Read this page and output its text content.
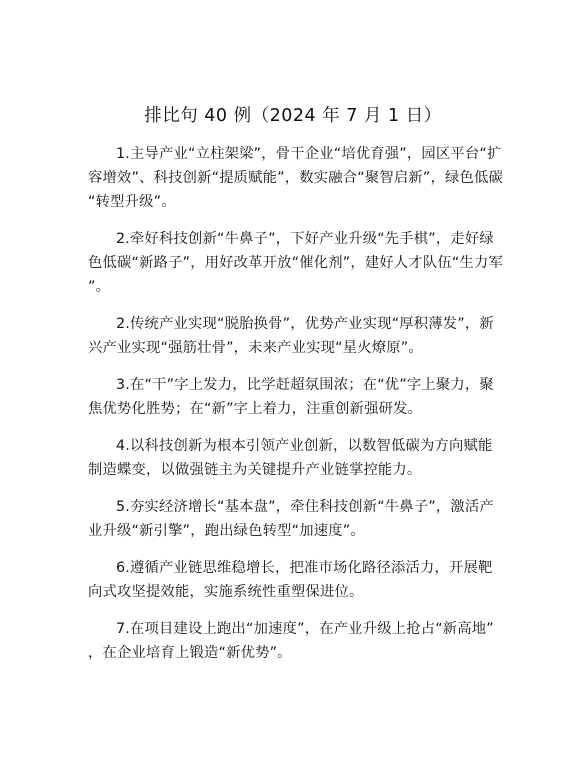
排比句 40 例（2024 年 7 月 1 日）

1.主导产业“立柱架梁”，骨干企业“培优育强”，园区平台“扩容增效”、科技创新“提质赋能”，数实融合“聚智启新”，绿色低碳“转型升级”。

2.牵好科技创新“牛鼻子”，下好产业升级“先手棋”，走好绿色低碳“新路子”，用好改革开放“催化剂”，建好人才队伍“生力军”。

2.传统产业实现“脱胎换骨”，优势产业实现“厚积薄发”，新兴产业实现“强筋壮骨”，未来产业实现“星火燎原”。

3.在“干”字上发力，比学赶超氛围浓；在“优”字上聚力，聚焦优势化胜势；在“新”字上着力，注重创新强研发。

4.以科技创新为根本引领产业创新，以数智低碳为方向赋能制造蝶变，以做强链主为关键提升产业链掌控能力。

5.夯实经济增长“基本盘”，牵住科技创新“牛鼻子”，激活产业升级“新引擎”，跑出绿色转型“加速度”。

6.遵循产业链思维稳增长，把准市场化路径添活力，开展靶向式攻坚提效能，实施系统性重塑保进位。

7.在项目建设上跑出“加速度”，在产业升级上抢占“新高地”，在企业培育上锻造“新优势”。
